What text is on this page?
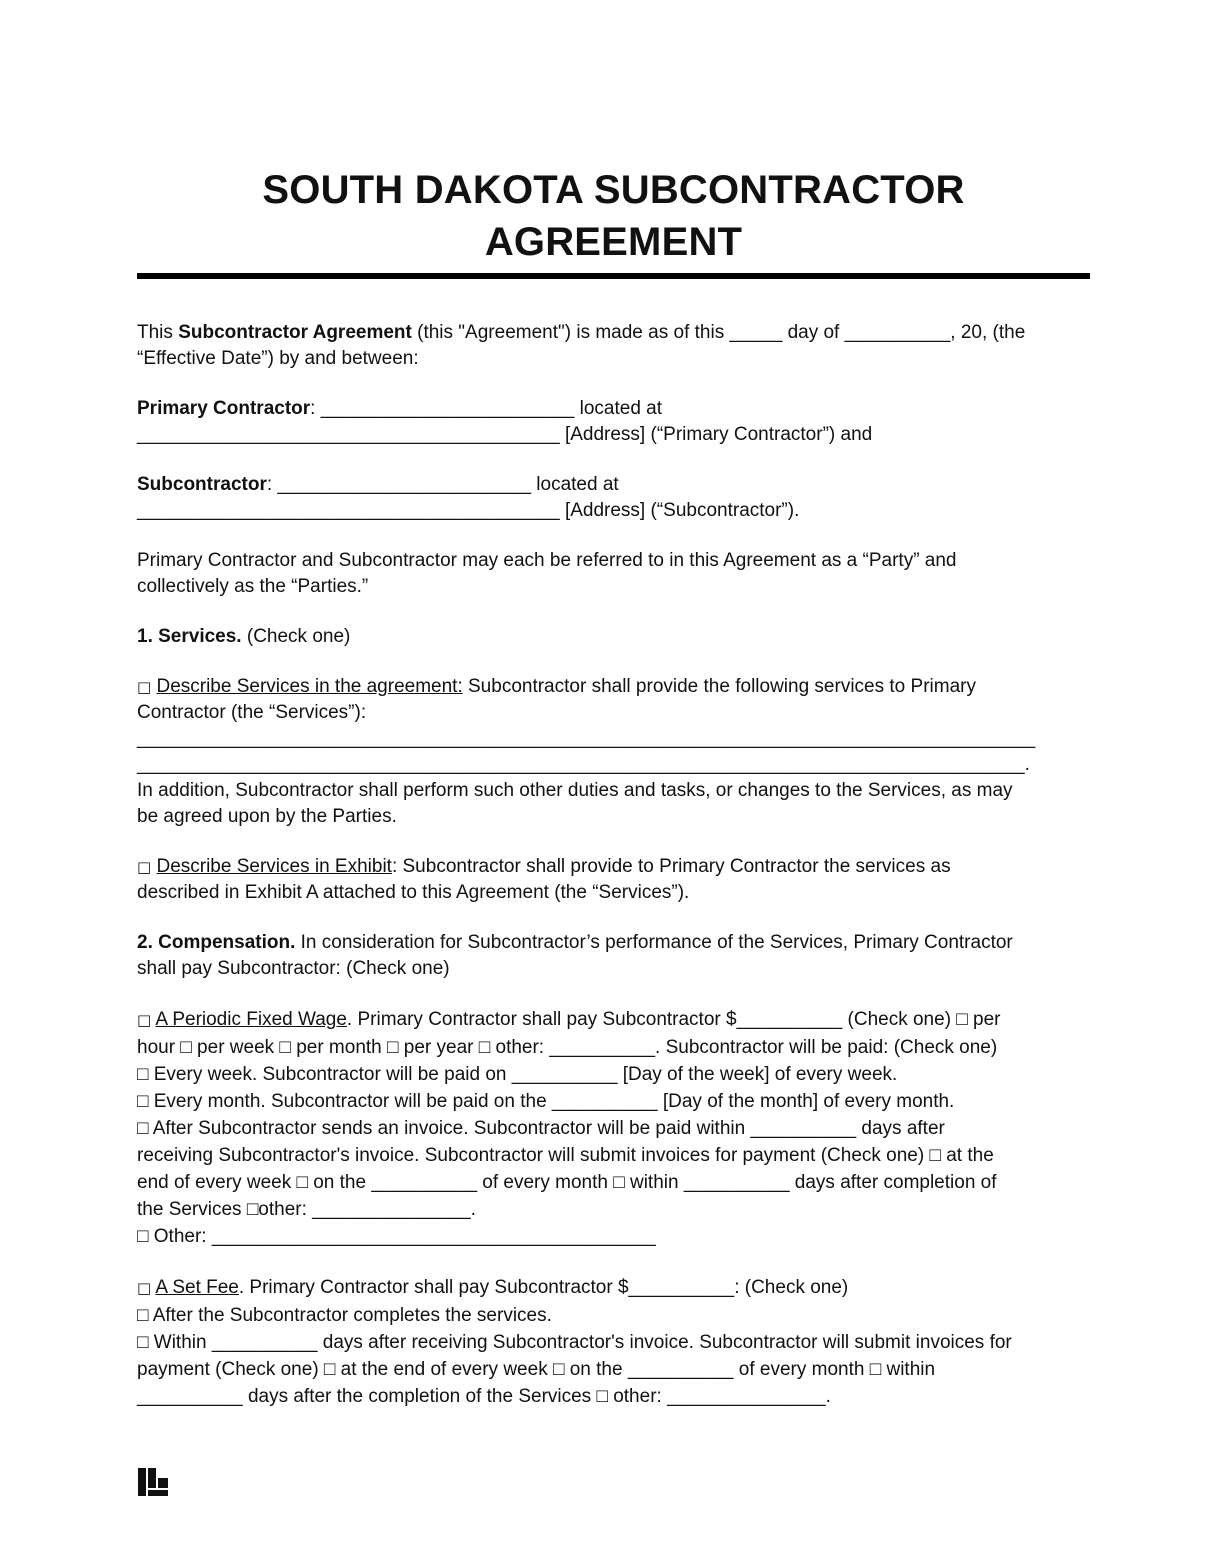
SOUTH DAKOTA SUBCONTRACTOR
AGREEMENT

This Subcontractor Agreement (this "Agreement") is made as of this _____ day of __________, 20, (the
“Effective Date”) by and between:

Primary Contractor: ________________________ located at
________________________________________ [Address] (“Primary Contractor”) and

Subcontractor: ________________________ located at
________________________________________ [Address] (“Subcontractor”).

Primary Contractor and Subcontractor may each be referred to in this Agreement as a “Party” and
collectively as the “Parties.”

1. Services. (Check one)

□ Describe Services in the agreement: Subcontractor shall provide the following services to Primary
Contractor (the “Services”):
_____________________________________________________________________________________
____________________________________________________________________________________.
In addition, Subcontractor shall perform such other duties and tasks, or changes to the Services, as may
be agreed upon by the Parties.

□ Describe Services in Exhibit: Subcontractor shall provide to Primary Contractor the services as
described in Exhibit A attached to this Agreement (the “Services”).

2. Compensation. In consideration for Subcontractor’s performance of the Services, Primary Contractor
shall pay Subcontractor: (Check one)

□ A Periodic Fixed Wage. Primary Contractor shall pay Subcontractor $__________ (Check one) □ per
hour □ per week □ per month □ per year □ other: __________. Subcontractor will be paid: (Check one)
□ Every week. Subcontractor will be paid on __________ [Day of the week] of every week.
□ Every month. Subcontractor will be paid on the __________ [Day of the month] of every month.
□ After Subcontractor sends an invoice. Subcontractor will be paid within __________ days after
receiving Subcontractor's invoice. Subcontractor will submit invoices for payment (Check one) □ at the
end of every week □ on the __________ of every month □ within __________ days after completion of
the Services □other: _______________.
□ Other: __________________________________________

□ A Set Fee. Primary Contractor shall pay Subcontractor $__________: (Check one)
□ After the Subcontractor completes the services.
□ Within __________ days after receiving Subcontractor's invoice. Subcontractor will submit invoices for
payment (Check one) □ at the end of every week □ on the __________ of every month □ within
__________ days after the completion of the Services □ other: _______________.
